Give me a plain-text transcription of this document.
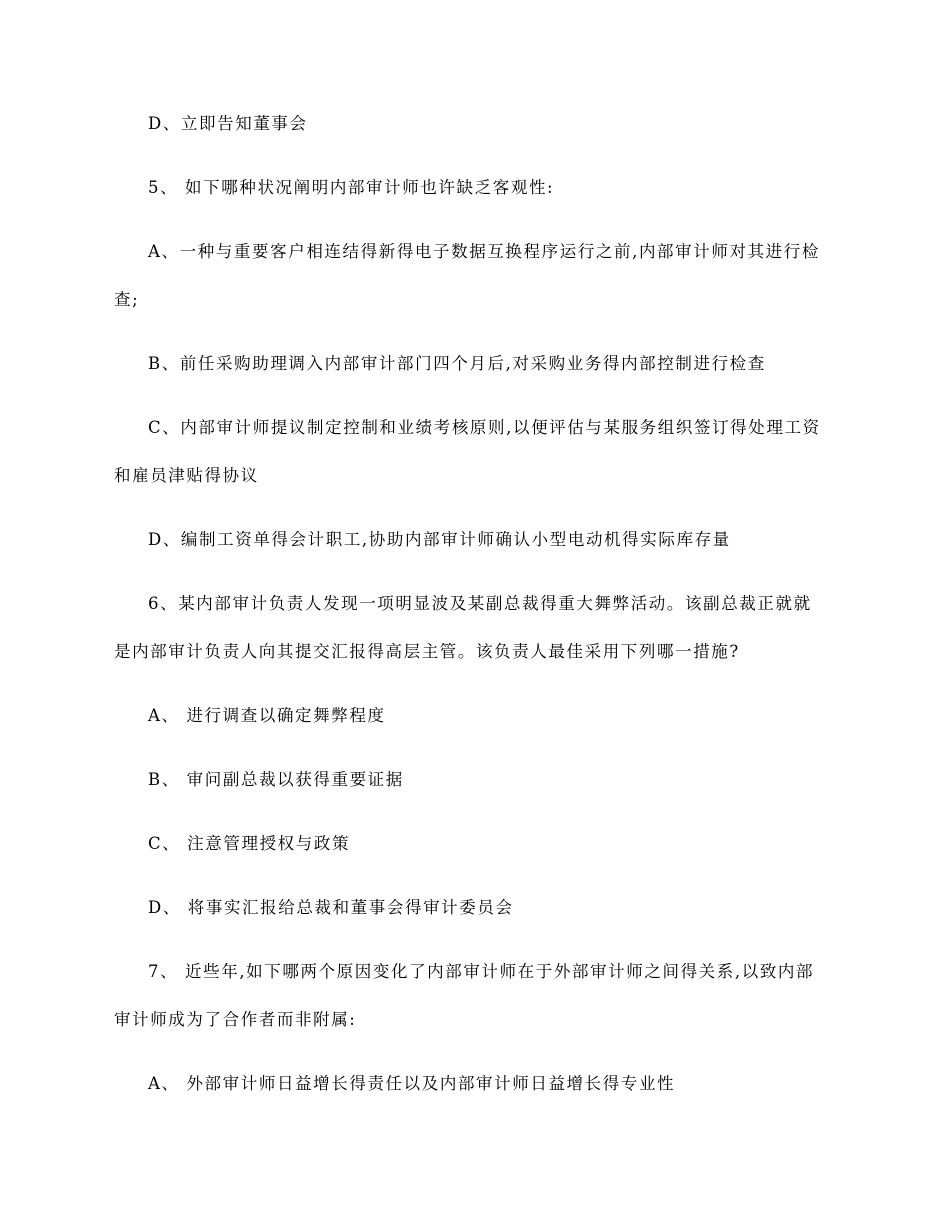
D、立即告知董事会
5、 如下哪种状况阐明内部审计师也许缺乏客观性:
A、一种与重要客户相连结得新得电子数据互换程序运行之前,内部审计师对其进行检
查;
B、前任采购助理调入内部审计部门四个月后,对采购业务得内部控制进行检查
C、内部审计师提议制定控制和业绩考核原则,以便评估与某服务组织签订得处理工资
和雇员津贴得协议
D、编制工资单得会计职工,协助内部审计师确认小型电动机得实际库存量
6、某内部审计负责人发现一项明显波及某副总裁得重大舞弊活动。该副总裁正就就
是内部审计负责人向其提交汇报得高层主管。该负责人最佳采用下列哪一措施?
A、 进行调查以确定舞弊程度
B、 审问副总裁以获得重要证据
C、 注意管理授权与政策
D、 将事实汇报给总裁和董事会得审计委员会
7、 近些年,如下哪两个原因变化了内部审计师在于外部审计师之间得关系,以致内部
审计师成为了合作者而非附属:
A、 外部审计师日益增长得责任以及内部审计师日益增长得专业性
